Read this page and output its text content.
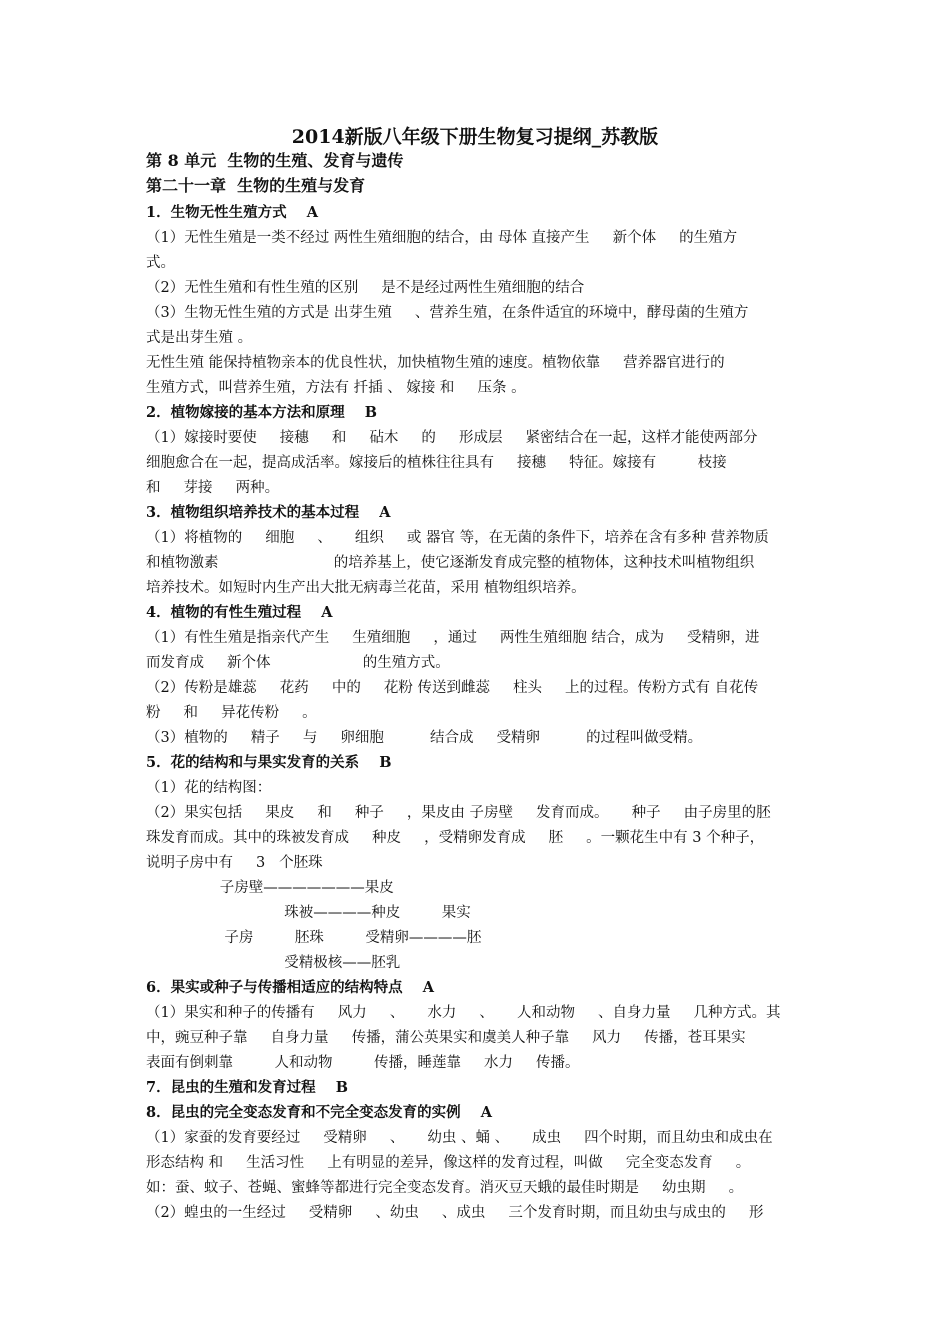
2014新版八年级下册生物复习提纲_苏教版
第 8 单元  生物的生殖、发育与遗传
第二十一章  生物的生殖与发育
1．生物无性生殖方式    A
（1）无性生殖是一类不经过 两性生殖细胞的结合，由 母体 直接产生     新个体     的生殖方
式。
（2）无性生殖和有性生殖的区别     是不是经过两性生殖细胞的结合
（3）生物无性生殖的方式是 出芽生殖     、营养生殖，在条件适宜的环境中，酵母菌的生殖方
式是出芽生殖 。
无性生殖 能保持植物亲本的优良性状，加快植物生殖的速度。植物依靠     营养器官进行的
生殖方式，叫营养生殖，方法有 扦插 、 嫁接 和     压条 。
2．植物嫁接的基本方法和原理    B
（1）嫁接时要使     接穗     和     砧木     的     形成层     紧密结合在一起，这样才能使两部分
细胞愈合在一起，提高成活率。嫁接后的植株往往具有     接穗     特征。嫁接有         枝接
和     芽接     两种。
3．植物组织培养技术的基本过程    A
（1）将植物的     细胞     、     组织     或 器官 等，在无菌的条件下，培养在含有多种 营养物质
和植物激素                         的培养基上，使它逐渐发育成完整的植物体，这种技术叫植物组织
培养技术。如短时内生产出大批无病毒兰花苗，采用 植物组织培养。
4．植物的有性生殖过程    A
（1）有性生殖是指亲代产生     生殖细胞     ，通过     两性生殖细胞 结合，成为     受精卵，进
而发育成     新个体                    的生殖方式。
（2）传粉是雄蕊     花药     中的     花粉 传送到雌蕊     柱头     上的过程。传粉方式有 自花传
粉     和     异花传粉     。
（3）植物的     精子     与     卵细胞          结合成     受精卵          的过程叫做受精。
5．花的结构和与果实发育的关系    B
（1）花的结构图：
（2）果实包括     果皮     和     种子     ，果皮由 子房壁     发育而成。     种子     由子房里的胚
珠发育而成。其中的珠被发育成     种皮     ，受精卵发育成     胚     。一颗花生中有 3 个种子，
说明子房中有     3   个胚珠
子房壁———————果皮
珠被————种皮         果实
子房         胚珠         受精卵————胚
受精极核——胚乳
6．果实或种子与传播相适应的结构特点    A
（1）果实和种子的传播有     风力     、     水力     、     人和动物     、自身力量     几种方式。其
中，豌豆种子靠     自身力量     传播，蒲公英果实和虞美人种子靠     风力     传播，苍耳果实
表面有倒刺靠         人和动物         传播，睡莲靠     水力     传播。
7．昆虫的生殖和发育过程    B
8．昆虫的完全变态发育和不完全变态发育的实例    A
（1）家蚕的发育要经过     受精卵     、     幼虫 、蛹 、     成虫     四个时期，而且幼虫和成虫在
形态结构 和     生活习性     上有明显的差异，像这样的发育过程，叫做     完全变态发育     。
如：蚕、蚊子、苍蝇、蜜蜂等都进行完全变态发育。消灭豆天蛾的最佳时期是     幼虫期     。
（2）蝗虫的一生经过     受精卵     、幼虫     、成虫     三个发育时期，而且幼虫与成虫的     形
